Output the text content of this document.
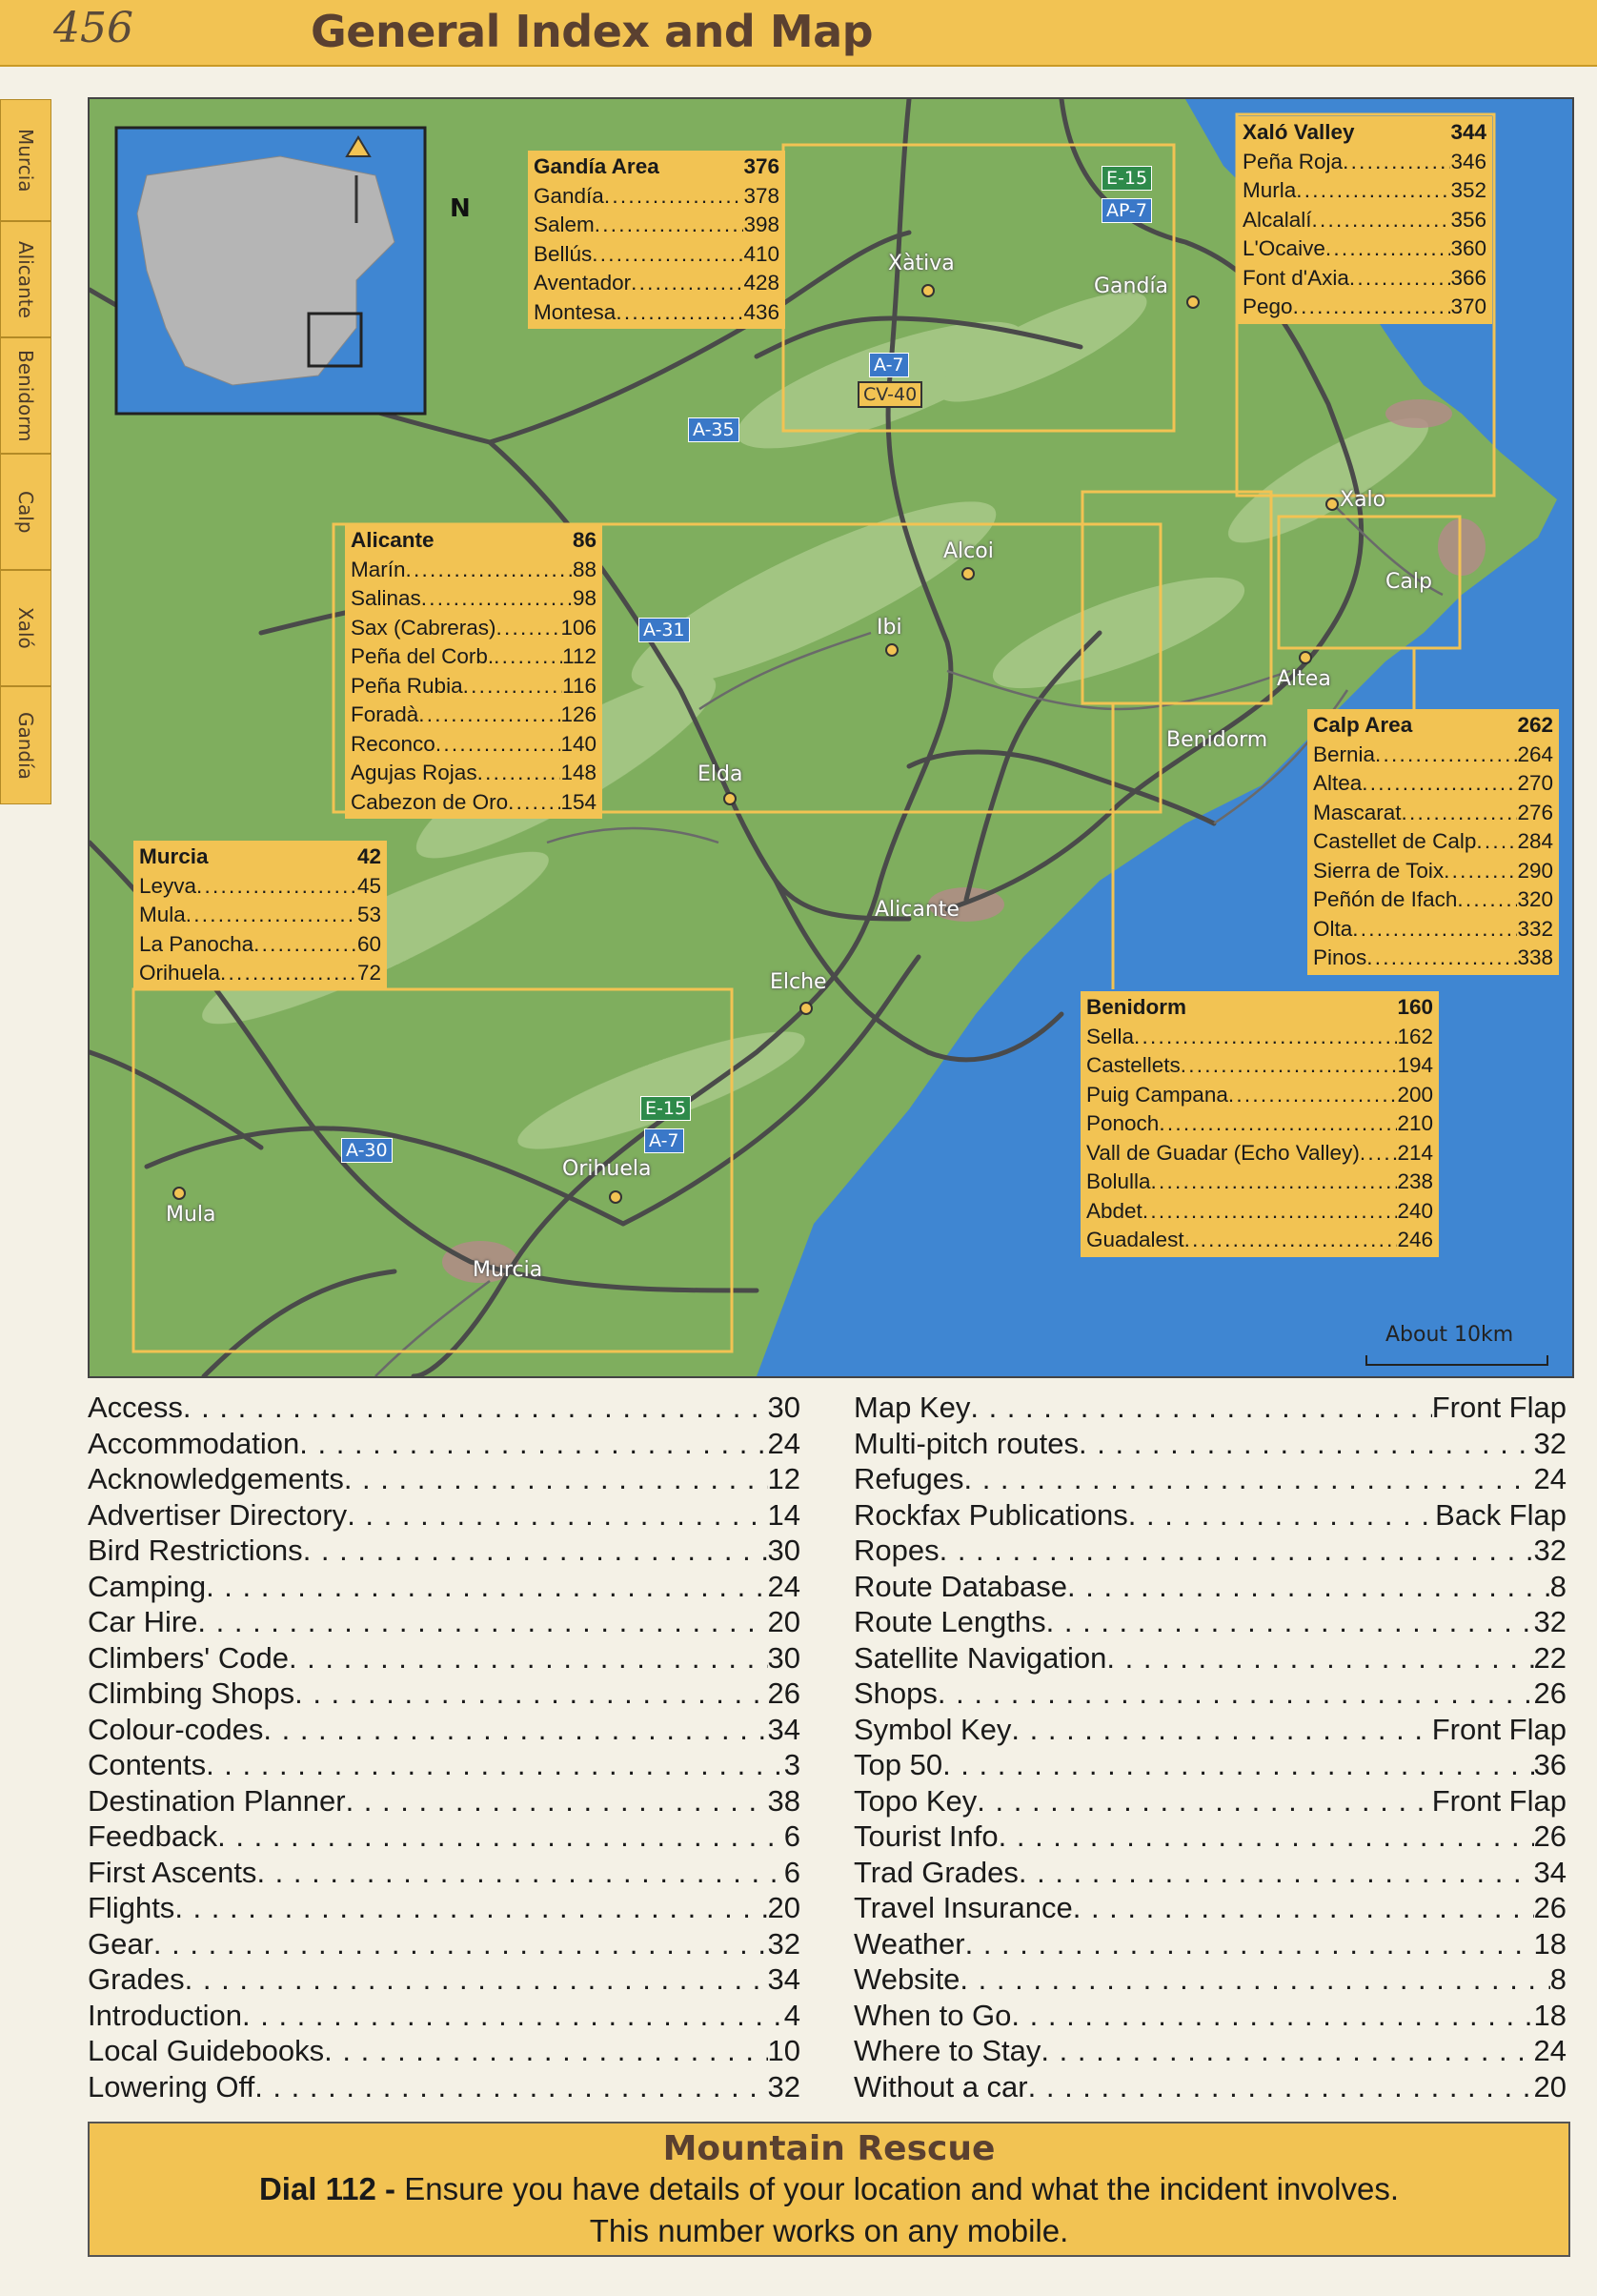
456	General Index and Map
Murcia
Alicante
Benidorm
Calp
Xaló
Gandía
N
Xàtiva
Gandía
Xalo
Alcoi
Ibi
Calp
Altea
Benidorm
Elda
Alicante
Elche
Orihuela
Mula
Murcia
E-15
AP-7
A-7
CV-40
A-35
A-31
A-30
E-15
A-7
About 10km
Gandía Area	376
Gandía . . .	378
Salem . . .	398
Bellús . . .	410
Aventador . . .	428
Montesa . . .	436
Xaló Valley	344
Peña Roja . . .	346
Murla . . .	352
Alcalalí . . .	356
L'Ocaive . . .	360
Font d'Axia . . .	366
Pego . . .	370
Alicante	86
Marín . . .	88
Salinas . . .	98
Sax (Cabreras) . . .	106
Peña del Corb. . . .	112
Peña Rubia . . .	116
Foradà . . .	126
Reconco . . .	140
Agujas Rojas . . .	148
Cabezon de Oro . . . 154
Calp Area	262
Bernia . . .	264
Altea . . .	270
Mascarat . . .	276
Castellet de Calp . . . 284
Sierra de Toix . . .	290
Peñón de Ifach . . .	320
Olta . . .	332
Pinos . . .	338
Murcia	42
Leyva . . .	45
Mula . . .	53
La Panocha . . .	60
Orihuela . . .	72
Benidorm	160
Sella . . .	162
Castellets . . .	194
Puig Campana . . .	200
Ponoch . . .	210
Vall de Guadar (Echo Valley) . . . 214
Bolulla . . .	238
Abdet . . .	240
Guadalest . . .	246
Access . . .	30
Accommodation . . .	24
Acknowledgements . . .	12
Advertiser Directory . . .	14
Bird Restrictions . . .	30
Camping . . .	24
Car Hire . . .	20
Climbers' Code . . .	30
Climbing Shops . . .	26
Colour-codes . . .	34
Contents . . .	3
Destination Planner . . .	38
Feedback . . .	6
First Ascents . . .	6
Flights . . .	20
Gear . . .	32
Grades . . .	34
Introduction . . .	4
Local Guidebooks . . .	10
Lowering Off . . .	32
Map Key . . .	Front Flap
Multi-pitch routes . . .	32
Refuges . . .	24
Rockfax Publications . . .	Back Flap
Ropes . . .	32
Route Database . . .	8
Route Lengths . . .	32
Satellite Navigation . . .	22
Shops . . .	26
Symbol Key . . .	Front Flap
Top 50 . . .	36
Topo Key . . .	Front Flap
Tourist Info . . .	26
Trad Grades . . .	34
Travel Insurance . . .	26
Weather . . .	18
Website . . .	8
When to Go . . .	18
Where to Stay . . .	24
Without a car . . .	20
Mountain Rescue
Dial 112 - Ensure you have details of your location and what the incident involves.
This number works on any mobile.
